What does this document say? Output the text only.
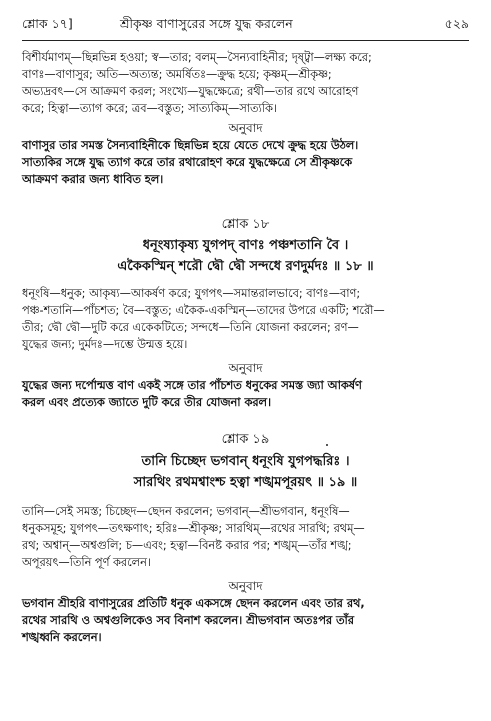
শ্লোক ১৭]	শ্রীকৃষ্ণ বাণাসুরের সঙ্গে যুদ্ধ করলেন	৫২৯

বিশীর্যমাণম্—ছিন্নভিন্ন হওয়া; স্ব—তার; বলম্—সৈন্যবাহিনীর; দৃষ্ট্বা—লক্ষ্য করে;

বাণঃ—বাণাসুর; অতি—অত্যন্ত; অমর্ষিতঃ—ক্রুদ্ধ হয়ে; কৃষ্ণম্—শ্রীকৃষ্ণ;

অভ্যদ্রবৎ—সে আক্রমণ করল; সংখ্যে—যুদ্ধক্ষেত্রে; রথী—তার রথে আরোহণ

করে; হিত্বা—ত্যাগ করে; ত্রব—বস্তুত; সাত্যকিম্—সাত্যকি।

অনুবাদ

বাণাসুর তার সমস্ত সৈন্যবাহিনীকে ছিন্নভিন্ন হয়ে যেতে দেখে ক্রুদ্ধ হয়ে উঠল।

সাত্যকির সঙ্গে যুদ্ধ ত্যাগ করে তার রথারোহণ করে যুদ্ধক্ষেত্রে সে শ্রীকৃষ্ণকে

আক্রমণ করার জন্য ধাবিত হল।

শ্লোক ১৮

ধনূংষ্যাকৃষ্য যুগপদ্ বাণঃ পঞ্চশতানি বৈ ।

একৈকস্মিন্ শরৌ দ্বৌ দ্বৌ সন্দধে রণদুর্মদঃ ॥ ১৮ ॥

ধনূংষি—ধনুক; আকৃষ্য—আকর্ষণ করে; যুগপৎ—সমান্তরালভাবে; বাণঃ—বাণ;

পঞ্চ-শতানি—পাঁচশত; বৈ—বস্তুত; একৈক-একস্মিন্—তাদের উপরে একটি; শরৌ—

তীর; দ্বৌ দ্বৌ—দুটি করে একেকটিতে; সন্দধে—তিনি যোজনা করলেন; রণ—

যুদ্ধের জন্য; দুর্মদঃ—দম্ভে উন্মত্ত হয়ে।

অনুবাদ

যুদ্ধের জন্য দর্পোন্মত্ত বাণ একই সঙ্গে তার পাঁচশত ধনুকের সমস্ত জ্যা আকর্ষণ

করল এবং প্রত্যেক জ্যাতে দুটি করে তীর যোজনা করল।

শ্লোক ১৯

তানি চিচ্ছেদ ভগবান্ ধনূংষি যুগপদ্ধরিঃ ।

সারথিং রথমশ্বাংশ্চ হত্বা শঙ্খমপূরয়ৎ ॥ ১৯ ॥

তানি—সেই সমস্ত; চিচ্ছেদ—ছেদন করলেন; ভগবান্—শ্রীভগবান, ধনূংষি—

ধনুকসমূহ; যুগপৎ—তৎক্ষণাৎ; হরিঃ—শ্রীকৃষ্ণ; সারথিম্—রথের সারথি; রথম্—

রথ; অশ্বান্—অশ্বগুলি; চ—এবং; হত্বা—বিনষ্ট করার পর; শঙ্খম্—তাঁর শঙ্খ;

অপূরয়ৎ—তিনি পূর্ণ করলেন।

অনুবাদ

ভগবান শ্রীহরি বাণাসুরের প্রতিটি ধনুক একসঙ্গে ছেদন করলেন এবং তার রথ,

রথের সারথি ও অশ্বগুলিকেও সব বিনাশ করলেন। শ্রীভগবান অতঃপর তাঁর

শঙ্খধ্বনি করলেন।
